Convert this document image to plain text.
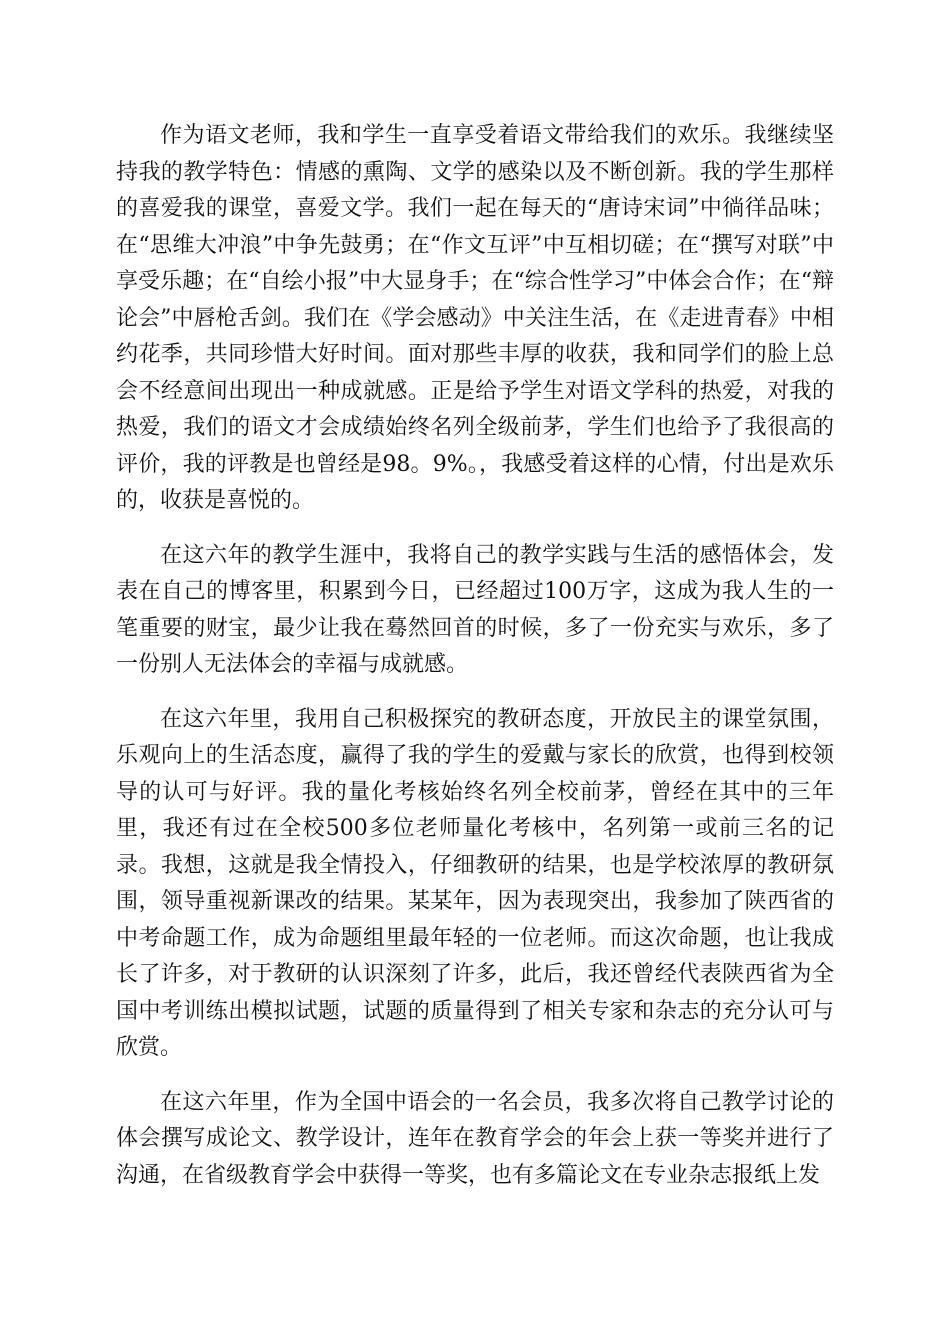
作为语文老师，我和学生一直享受着语文带给我们的欢乐。我继续坚持我的教学特色：情感的熏陶、文学的感染以及不断创新。我的学生那样的喜爱我的课堂，喜爱文学。我们一起在每天的“唐诗宋词”中徜徉品味；在“思维大冲浪”中争先鼓勇；在“作文互评”中互相切磋；在“撰写对联”中享受乐趣；在“自绘小报”中大显身手；在“综合性学习”中体会合作；在“辩论会”中唇枪舌剑。我们在《学会感动》中关注生活，在《走进青春》中相约花季，共同珍惜大好时间。面对那些丰厚的收获，我和同学们的脸上总会不经意间出现出一种成就感。正是给予学生对语文学科的热爱，对我的热爱，我们的语文才会成绩始终名列全级前茅，学生们也给予了我很高的评价，我的评教是也曾经是98。9%。，我感受着这样的心情，付出是欢乐的，收获是喜悦的。

在这六年的教学生涯中，我将自己的教学实践与生活的感悟体会，发表在自己的博客里，积累到今日，已经超过100万字，这成为我人生的一笔重要的财宝，最少让我在蓦然回首的时候，多了一份充实与欢乐，多了一份别人无法体会的幸福与成就感。

在这六年里，我用自己积极探究的教研态度，开放民主的课堂氛围，乐观向上的生活态度，赢得了我的学生的爱戴与家长的欣赏，也得到校领导的认可与好评。我的量化考核始终名列全校前茅，曾经在其中的三年里，我还有过在全校500多位老师量化考核中，名列第一或前三名的记录。我想，这就是我全情投入，仔细教研的结果，也是学校浓厚的教研氛围，领导重视新课改的结果。某某年，因为表现突出，我参加了陕西省的中考命题工作，成为命题组里最年轻的一位老师。而这次命题，也让我成长了许多，对于教研的认识深刻了许多，此后，我还曾经代表陕西省为全国中考训练出模拟试题，试题的质量得到了相关专家和杂志的充分认可与欣赏。

在这六年里，作为全国中语会的一名会员，我多次将自己教学讨论的体会撰写成论文、教学设计，连年在教育学会的年会上获一等奖并进行了沟通，在省级教育学会中获得一等奖，也有多篇论文在专业杂志报纸上发
